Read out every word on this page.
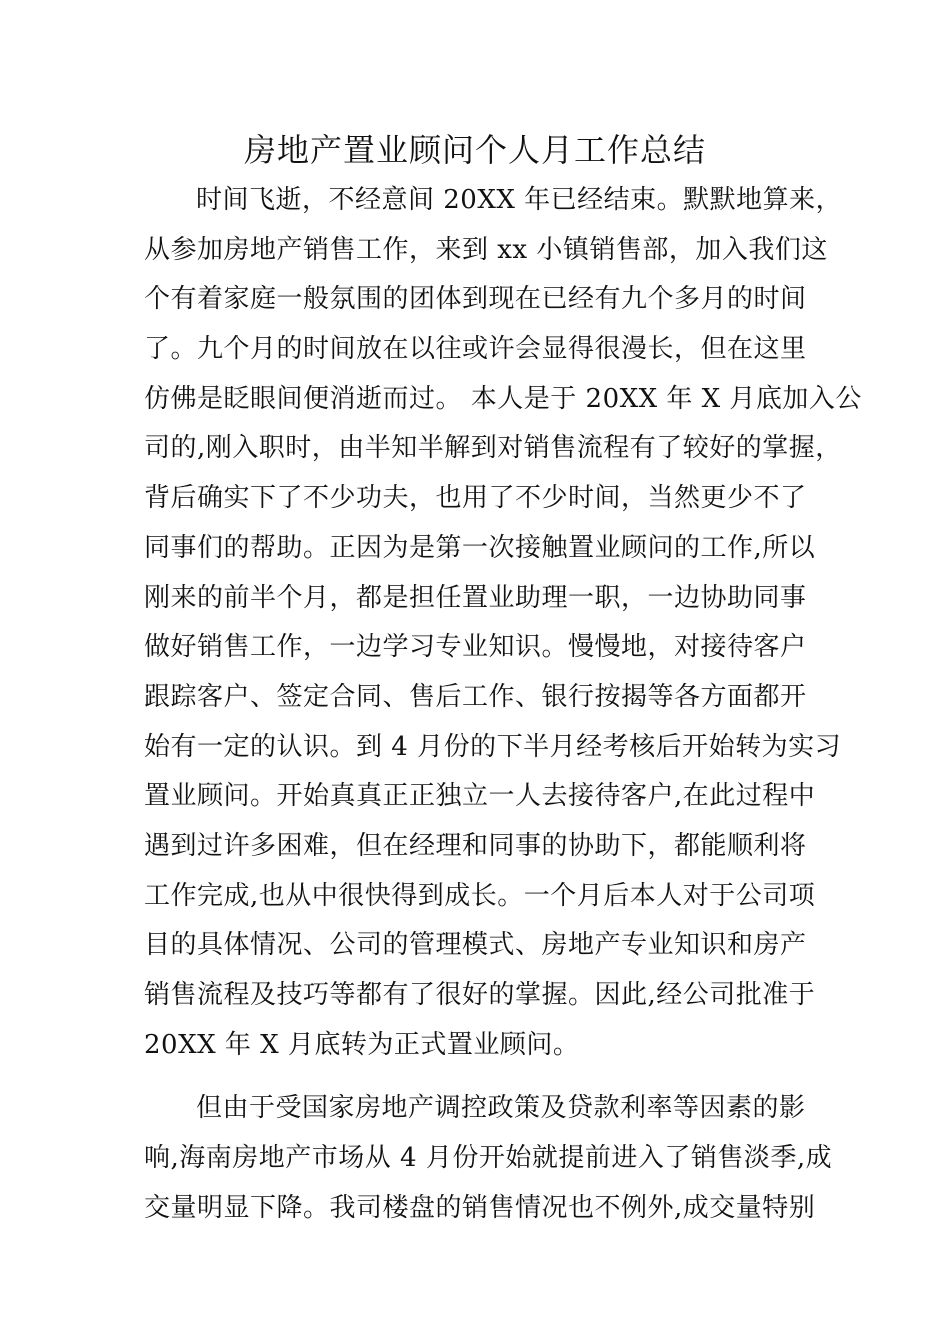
房地产置业顾问个人月工作总结
时间飞逝，不经意间 20XX 年已经结束。默默地算来，
从参加房地产销售工作，来到 xx 小镇销售部，加入我们这
个有着家庭一般氛围的团体到现在已经有九个多月的时间
了。九个月的时间放在以往或许会显得很漫长，但在这里
仿佛是眨眼间便消逝而过。 本人是于 20XX 年 X 月底加入公
司的,刚入职时，由半知半解到对销售流程有了较好的掌握，
背后确实下了不少功夫，也用了不少时间，当然更少不了
同事们的帮助。正因为是第一次接触置业顾问的工作,所以
刚来的前半个月，都是担任置业助理一职，一边协助同事
做好销售工作，一边学习专业知识。慢慢地，对接待客户
跟踪客户、签定合同、售后工作、银行按揭等各方面都开
始有一定的认识。到 4 月份的下半月经考核后开始转为实习
置业顾问。开始真真正正独立一人去接待客户,在此过程中
遇到过许多困难，但在经理和同事的协助下，都能顺利将
工作完成,也从中很快得到成长。一个月后本人对于公司项
目的具体情况、公司的管理模式、房地产专业知识和房产
销售流程及技巧等都有了很好的掌握。因此,经公司批准于
20XX 年 X 月底转为正式置业顾问。
但由于受国家房地产调控政策及贷款利率等因素的影
响,海南房地产市场从 4 月份开始就提前进入了销售淡季,成
交量明显下降。我司楼盘的销售情况也不例外,成交量特别
